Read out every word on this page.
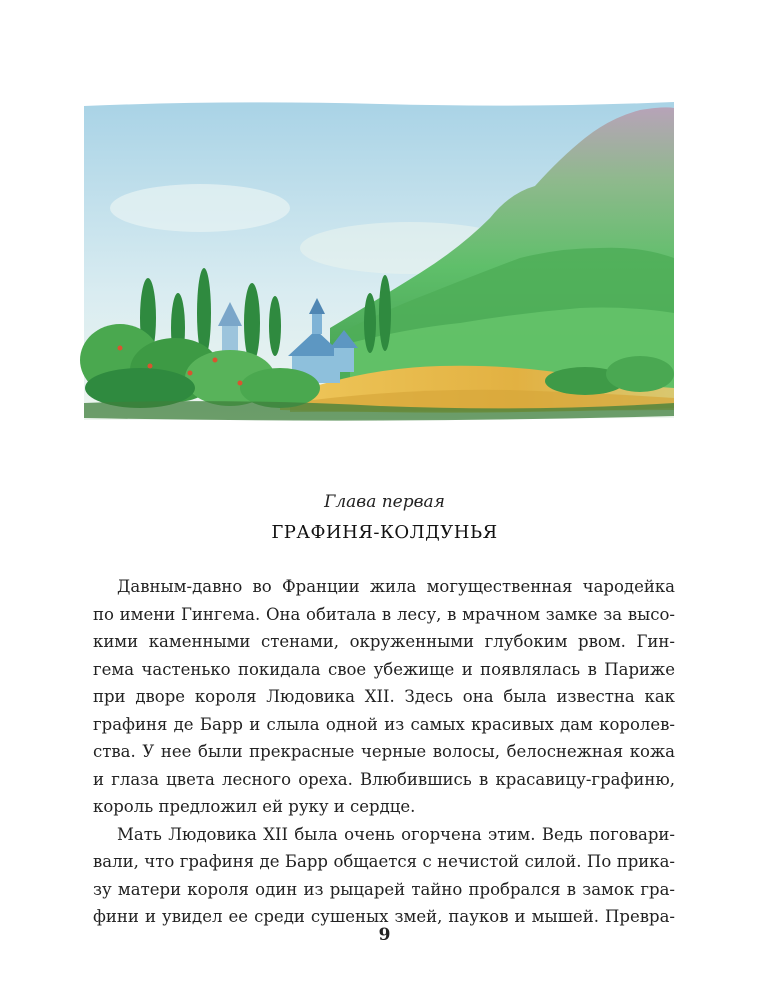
Глава первая
ГРАФИНЯ-КОЛДУНЬЯ
Давным-давно во Франции жила могущественная чародейка
по имени Гингема. Она обитала в лесу, в мрачном замке за высо-
кими каменными стенами, окруженными глубоким рвом. Гин-
гема частенько покидала свое убежище и появлялась в Париже
при дворе короля Людовика XII. Здесь она была известна как
графиня де Барр и слыла одной из самых красивых дам королев-
ства. У нее были прекрасные черные волосы, белоснежная кожа
и глаза цвета лесного ореха. Влюбившись в красавицу-графиню,
король предложил ей руку и сердце.
Мать Людовика XII была очень огорчена этим. Ведь поговари-
вали, что графиня де Барр общается с нечистой силой. По прика-
зу матери короля один из рыцарей тайно пробрался в замок гра-
фини и увидел ее среди сушеных змей, пауков и мышей. Превра-
9
